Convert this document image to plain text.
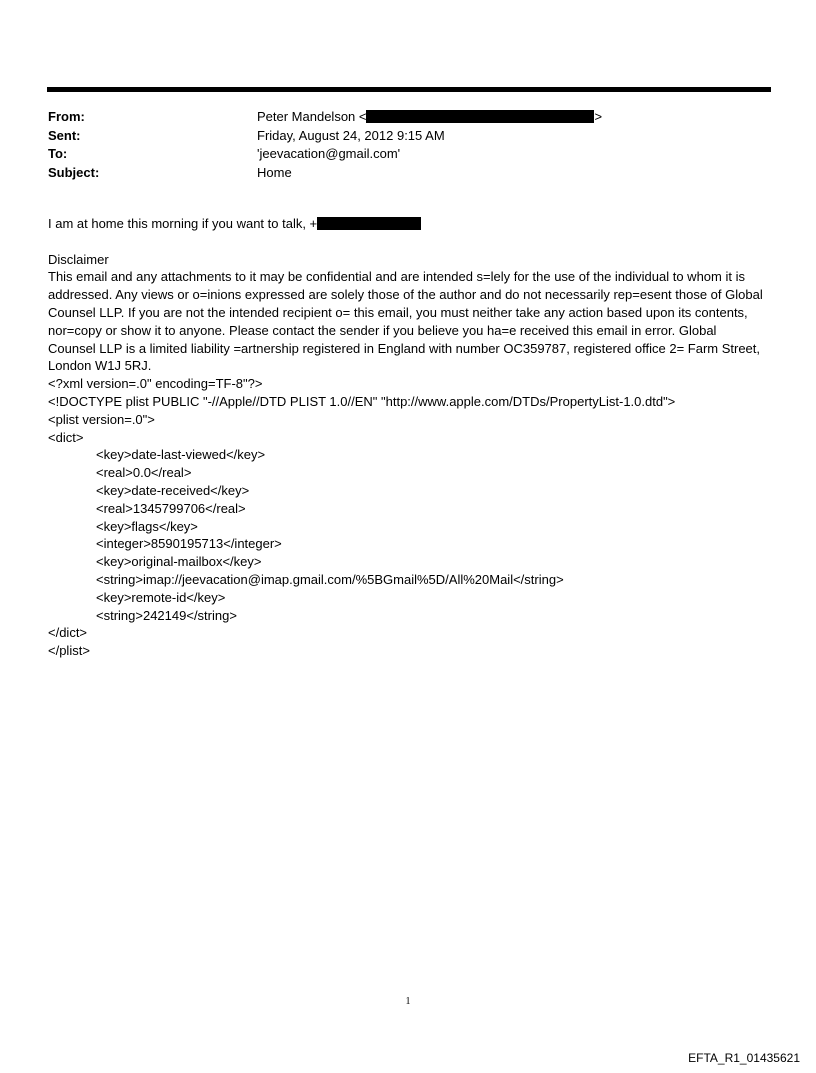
From:	Peter Mandelson <	>
Sent:	Friday, August 24, 2012 9:15 AM
To:	'jeevacation@gmail.com'
Subject:	Home

I am at home this morning if you want to talk, +

Disclaimer

This email and any attachments to it may be confidential and are intended s=lely for the use of the individual to whom it is addressed. Any views or o=inions expressed are solely those of the author and do not necessarily rep=esent those of Global Counsel LLP. If you are not the intended recipient o= this email, you must neither take any action based upon its contents, nor=copy or show it to anyone. Please contact the sender if you believe you ha=e received this email in error. Global Counsel LLP is a limited liability =artnership registered in England with number OC359787, registered office 2= Farm Street, London W1J 5RJ.

<?xml version=.0" encoding=TF-8"?>

<!DOCTYPE plist PUBLIC "-//Apple//DTD PLIST 1.0//EN" "http://www.apple.com/DTDs/PropertyList-1.0.dtd">

<plist version=.0">

<dict>

<key>date-last-viewed</key>

<real>0.0</real>

<key>date-received</key>

<real>1345799706</real>

<key>flags</key>

<integer>8590195713</integer>

<key>original-mailbox</key>

<string>imap://jeevacation@imap.gmail.com/%5BGmail%5D/All%20Mail</string>

<key>remote-id</key>

<string>242149</string>

</dict>

</plist>

1
EFTA_R1_01435621
